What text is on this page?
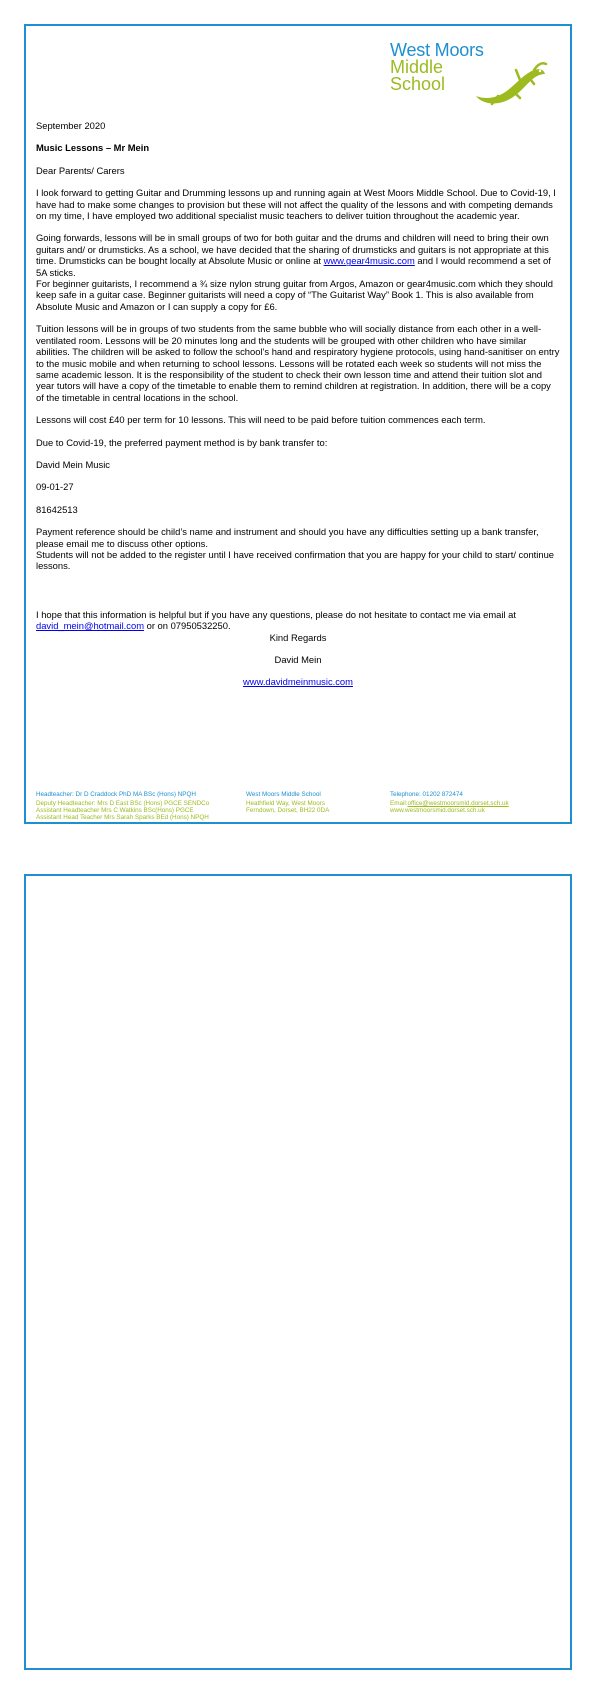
West Moors
Middle
School

September 2020

Music Lessons – Mr Mein

Dear Parents/ Carers

I look forward to getting Guitar and Drumming lessons up and running again at West Moors Middle School. Due to Covid-19, I have had to make some changes to provision but these will not affect the quality of the lessons and with competing demands on my time, I have employed two additional specialist music teachers to deliver tuition throughout the academic year.

Going forwards, lessons will be in small groups of two for both guitar and the drums and children will need to bring their own guitars and/ or drumsticks. As a school, we have decided that the sharing of drumsticks and guitars is not appropriate at this time. Drumsticks can be bought locally at Absolute Music or online at www.gear4music.com and I would recommend a set of 5A sticks.

For beginner guitarists, I recommend a ¾ size nylon strung guitar from Argos, Amazon or gear4music.com which they should keep safe in a guitar case. Beginner guitarists will need a copy of “The Guitarist Way” Book 1. This is also available from Absolute Music and Amazon or I can supply a copy for £6.

Tuition lessons will be in groups of two students from the same bubble who will socially distance from each other in a well-ventilated room. Lessons will be 20 minutes long and the students will be grouped with other children who have similar abilities. The children will be asked to follow the school’s hand and respiratory hygiene protocols, using hand-sanitiser on entry to the music mobile and when returning to school lessons. Lessons will be rotated each week so students will not miss the same academic lesson. It is the responsibility of the student to check their own lesson time and attend their tuition slot and year tutors will have a copy of the timetable to enable them to remind children at registration. In addition, there will be a copy of the timetable in central locations in the school.

Lessons will cost £40 per term for 10 lessons. This will need to be paid before tuition commences each term.

Due to Covid-19, the preferred payment method is by bank transfer to:

David Mein Music

09-01-27

81642513

Payment reference should be child’s name and instrument and should you have any difficulties setting up a bank transfer, please email me to discuss other options.

Students will not be added to the register until I have received confirmation that you are happy for your child to start/ continue lessons.

I hope that this information is helpful but if you have any questions, please do not hesitate to contact me via email at david_mein@hotmail.com or on 07950532250.

Kind Regards

David Mein

www.davidmeinmusic.com

Headteacher: Dr D Craddock PhD MA BSc (Hons) NPQH
Deputy Headteacher: Mrs D East BSc (Hons) PGCE SENDCo
Assistant Headteacher Mrs C Watkins BSc(Hons) PGCE
Assistant Head Teacher Mrs Sarah Sparks BEd (Hons) NPQH
West Moors Middle School
Heathfield Way, West Moors
Ferndown, Dorset, BH22 0DA
Telephone: 01202 872474
Email:office@westmoorsmid.dorset.sch.uk
www.westmoorsmid.dorset.sch.uk
